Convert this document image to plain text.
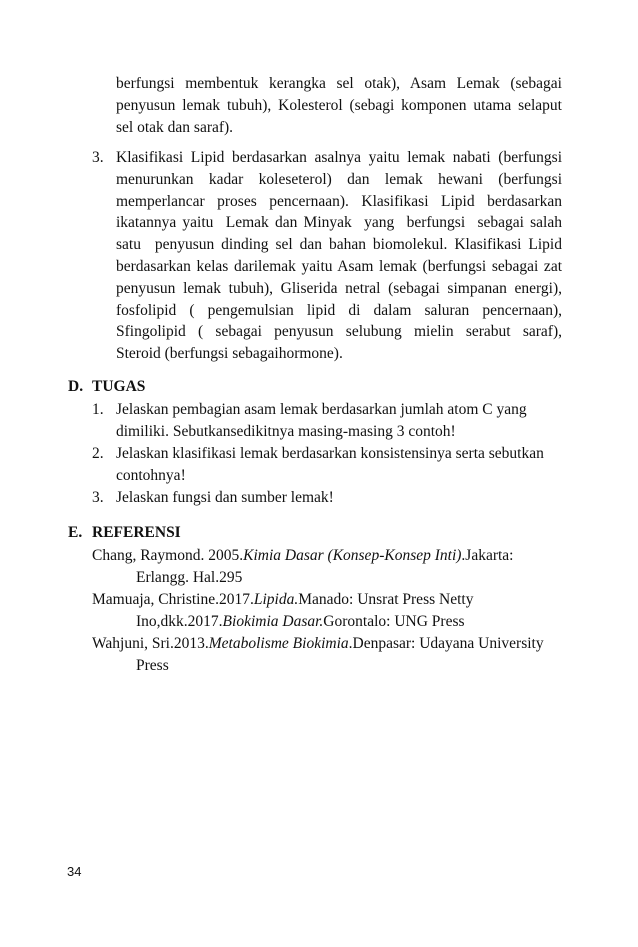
berfungsi membentuk kerangka sel otak), Asam Lemak (sebagai
penyusun lemak tubuh), Kolesterol (sebagi komponen utama selaput
sel otak dan saraf).
3. Klasifikasi Lipid berdasarkan asalnya yaitu lemak nabati (berfungsi
menurunkan kadar koleseterol) dan lemak hewani (berfungsi
memperlancar proses pencernaan). Klasifikasi Lipid berdasarkan
ikatannya yaitu  Lemak dan Minyak  yang  berfungsi  sebagai salah
satu  penyusun dinding sel dan bahan biomolekul. Klasifikasi Lipid
berdasarkan kelas darilemak yaitu Asam lemak (berfungsi sebagai zat
penyusun lemak tubuh), Gliserida netral (sebagai simpanan energi),
fosfolipid ( pengemulsian lipid di dalam saluran pencernaan),
Sfingolipid ( sebagai penyusun selubung mielin serabut saraf),
Steroid (berfungsi sebagaihormone).
D. TUGAS
1. Jelaskan pembagian asam lemak berdasarkan jumlah atom C yang
dimiliki. Sebutkansedikitnya masing-masing 3 contoh!
2. Jelaskan klasifikasi lemak berdasarkan konsistensinya serta sebutkan
contohnya!
3. Jelaskan fungsi dan sumber lemak!
E. REFERENSI
Chang, Raymond. 2005.Kimia Dasar (Konsep-Konsep Inti).Jakarta:
Erlangg. Hal.295
Mamuaja, Christine.2017.Lipida.Manado: Unsrat Press Netty
Ino,dkk.2017.Biokimia Dasar.Gorontalo: UNG Press
Wahjuni, Sri.2013.Metabolisme Biokimia.Denpasar: Udayana University
Press
34
